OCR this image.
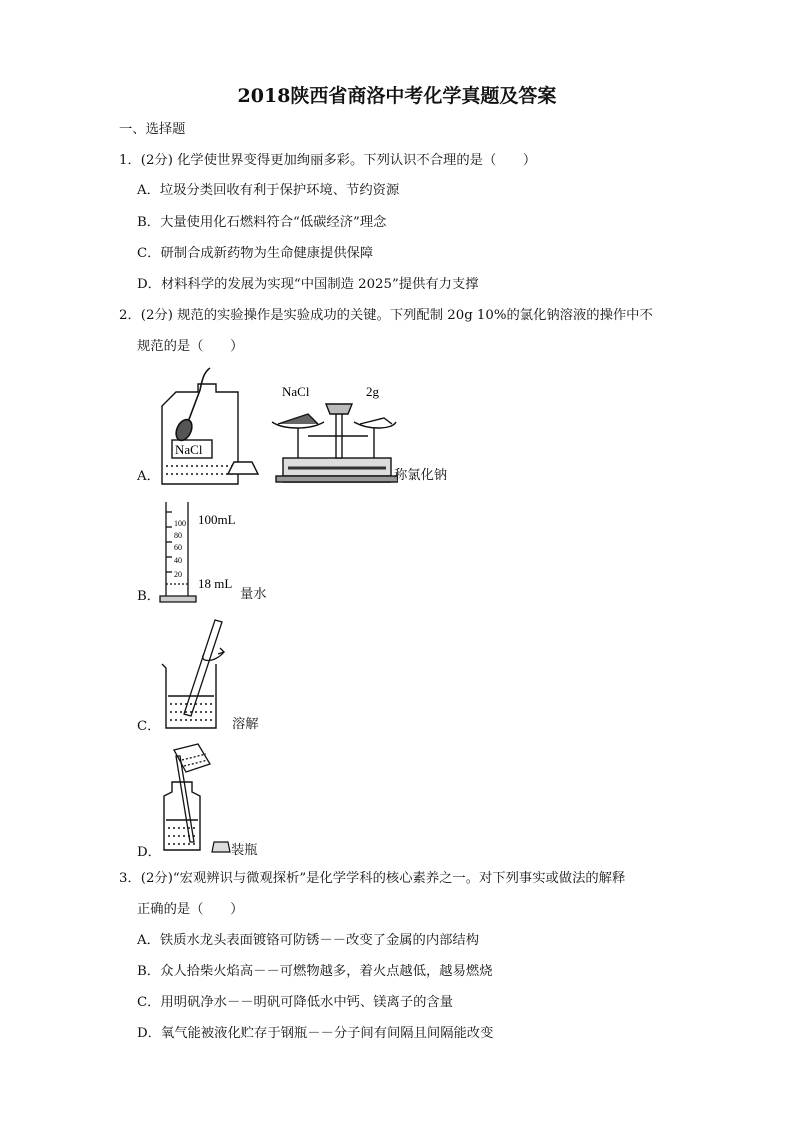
2018陕西省商洛中考化学真题及答案
一、选择题
1．(2分) 化学使世界变得更加绚丽多彩。下列认识不合理的是（　　）
A．垃圾分类回收有利于保护环境、节约资源
B．大量使用化石燃料符合“低碳经济”理念
C．研制合成新药物为生命健康提供保障
D．材料科学的发展为实现“中国制造 2025”提供有力支撑
2．(2分) 规范的实验操作是实验成功的关键。下列配制 20g 10%的氯化钠溶液的操作中不
规范的是（　　）
A．
NaCl
NaCl	2g
称氯化钠
B．
100
80
60
40
20
100mL
18 mL
量水
C．	溶解
D．	装瓶
3．(2分)“宏观辨识与微观探析”是化学学科的核心素养之一。对下列事实或做法的解释
正确的是（　　）
A．铁质水龙头表面镀铬可防锈－－改变了金属的内部结构
B．众人拾柴火焰高－－可燃物越多，着火点越低，越易燃烧
C．用明矾净水－－明矾可降低水中钙、镁离子的含量
D．氧气能被液化贮存于钢瓶－－分子间有间隔且间隔能改变
